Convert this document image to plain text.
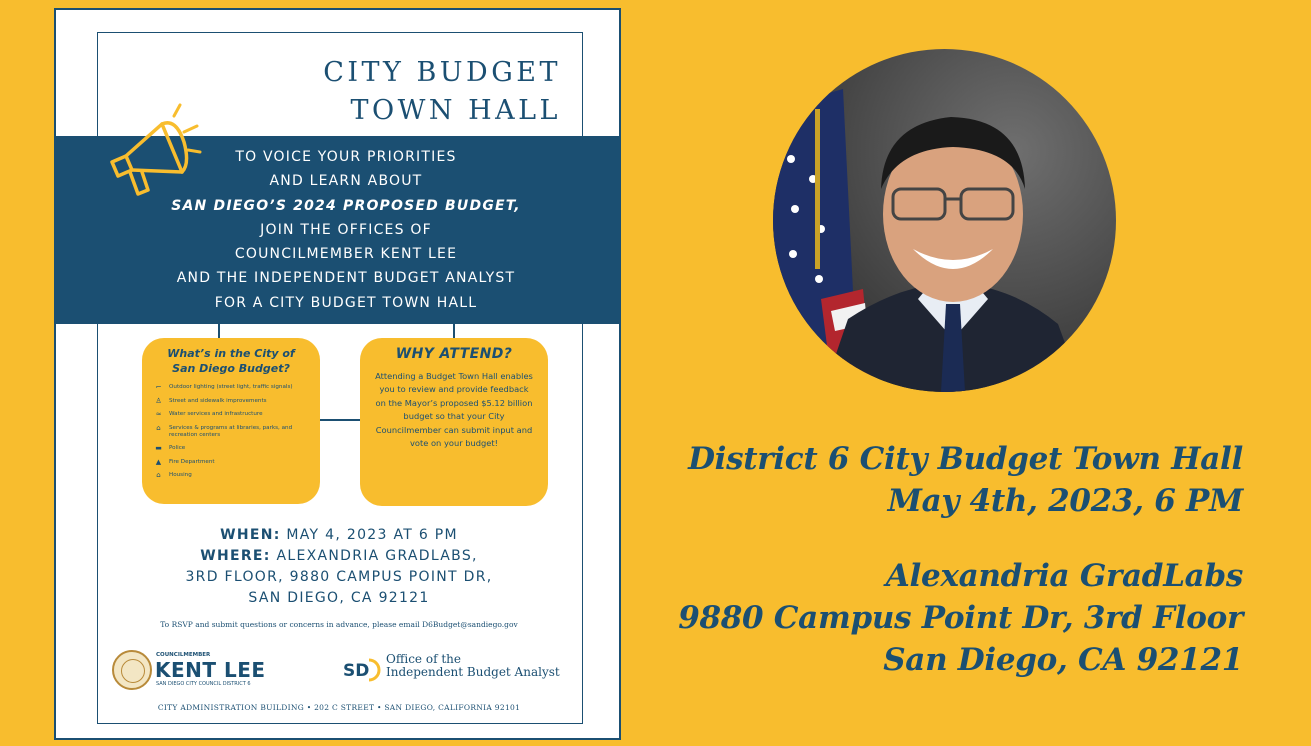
CITY BUDGET
TOWN HALL
TO VOICE YOUR PRIORITIES
AND LEARN ABOUT
SAN DIEGO’S 2024 PROPOSED BUDGET,
JOIN THE OFFICES OF
COUNCILMEMBER KENT LEE
AND THE INDEPENDENT BUDGET ANALYST
FOR A CITY BUDGET TOWN HALL
What’s in the City of
San Diego Budget?
⌐ Outdoor lighting (street light, traffic signals)
♙ Street and sidewalk improvements
≈ Water services and infrastructure
⌂	Services & programs at libraries, parks, and recreation centers
▬ Police
▲	Fire Department
⌂	Housing
WHY ATTEND?
Attending a Budget Town Hall enables you to review and provide feedback on the Mayor’s proposed $5.12 billion budget so that your City Councilmember can submit input and vote on your budget!
WHEN: MAY 4, 2023 AT 6 PM
WHERE: ALEXANDRIA GRADLABS,
3RD FLOOR, 9880 CAMPUS POINT DR,
SAN DIEGO, CA 92121
To RSVP and submit questions or concerns in advance, please email D6Budget@sandiego.gov
COUNCILMEMBER
KENT LEE
SAN DIEGO CITY COUNCIL DISTRICT 6
SD
Office of the
Independent Budget Analyst
CITY ADMINISTRATION BUILDING • 202 C STREET • SAN DIEGO, CALIFORNIA 92101
District 6 City Budget Town Hall
May 4th, 2023, 6 PM
Alexandria GradLabs
9880 Campus Point Dr, 3rd Floor
San Diego, CA 92121
